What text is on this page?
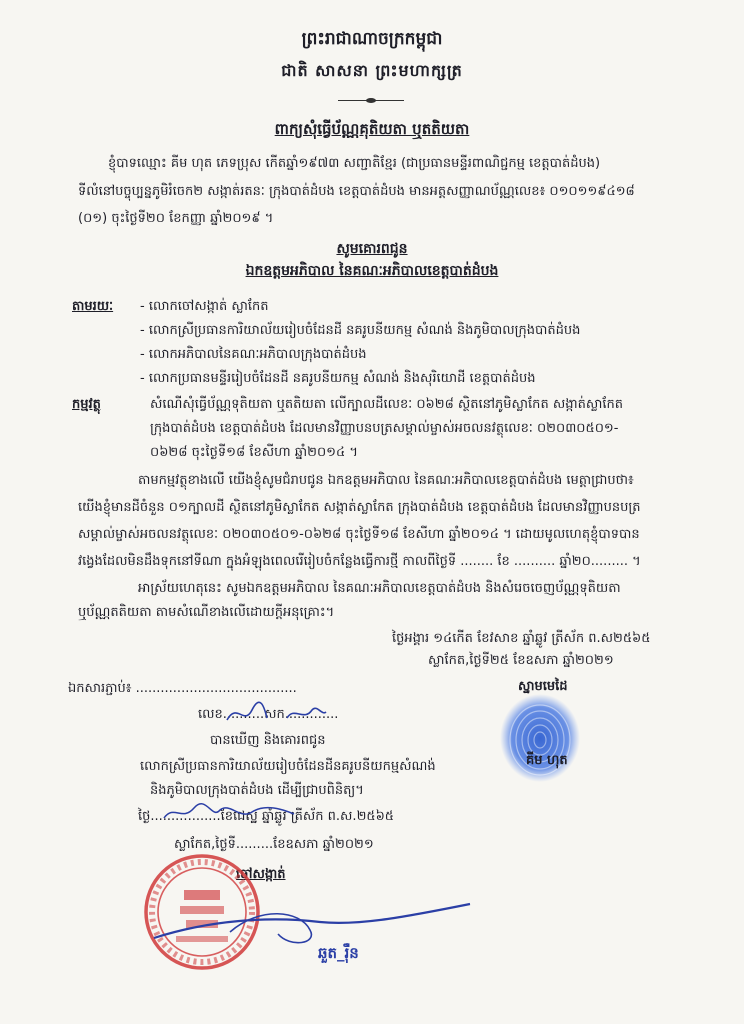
ព្រះរាជាណាចក្រកម្ពុជា
ជាតិ សាសនា ព្រះមហាក្សត្រ
ពាក្យសុំធ្វើប័ណ្ណគុតិយតា ឬតតិយតា
ខ្ញុំបាទឈ្មោះ គីម ហុត ភេទប្រុស កើតឆ្នាំ១៩៧៣ សញ្ជាតិខ្មែរ (ជាប្រធានមន្ទីរពាណិជ្ជកម្ម ខេត្តបាត់ដំបង)
ទីលំនៅបច្ចុប្បន្នភូមិរំចេក២ សង្កាត់រតនៈ ក្រុងបាត់ដំបង ខេត្តបាត់ដំបង មានអត្តសញ្ញាណប័ណ្ណលេខ៖ ០១០១១៩៤១៨
(០១) ចុះថ្ងៃទី២០ ខែកញ្ញា ឆ្នាំ២០១៩ ។
សូមគោរពជូន
ឯកឧត្តមអភិបាល នៃគណៈអភិបាលខេត្តបាត់ដំបង
តាមរយៈ - លោកចៅសង្កាត់ ស្លាកែត
- លោកស្រីប្រធានការិយាល័យរៀបចំដែនដី នគរូបនីយកម្ម សំណង់ និងភូមិបាលក្រុងបាត់ដំបង
- លោកអភិបាលនៃគណៈអភិបាលក្រុងបាត់ដំបង
- លោកប្រធានមន្ទីររៀបចំដែនដី នគរូបនីយកម្ម សំណង់ និងសុរិយោដី ខេត្តបាត់ដំបង
កម្មវត្ថុ	សំណើសុំធ្វើប័ណ្ណទុតិយតា ឬតតិយតា លើក្បាលដីលេខៈ ០៦២៨ ស្ថិតនៅភូមិស្លាកែត សង្កាត់ស្លាកែត
ក្រុងបាត់ដំបង ខេត្តបាត់ដំបង ដែលមានវិញ្ញាបនបត្រសម្គាល់ម្ចាស់អចលនវត្ថុលេខៈ ០២០៣០៥០១-
០៦២៨ ចុះថ្ងៃទី១៨ ខែសីហា ឆ្នាំ២០១៤ ។
តាមកម្មវត្ថុខាងលើ យើងខ្ញុំសូមជំរាបជូន ឯកឧត្តមអភិបាល នៃគណៈអភិបាលខេត្តបាត់ដំបង មេត្តាជ្រាបថា៖
យើងខ្ញុំមានដីចំនួន ០១ក្បាលដី ស្ថិតនៅភូមិស្លាកែត សង្កាត់ស្លាកែត ក្រុងបាត់ដំបង ខេត្តបាត់ដំបង ដែលមានវិញ្ញាបនបត្រ
សម្គាល់ម្ចាស់អចលនវត្ថុលេខៈ ០២០៣០៥០១-០៦២៨ ចុះថ្ងៃទី១៨ ខែសីហា ឆ្នាំ២០១៤ ។ ដោយមូលហេតុខ្ញុំបាទបាន
វង្វេងដែលមិនដឹងទុកនៅទីណា ក្នុងអំឡុងពេលរើរៀបចំកន្លែងធ្វើការថ្មី កាលពីថ្ងៃទី ........ ខែ .......... ឆ្នាំ២០......... ។
អាស្រ័យហេតុនេះ សូមឯកឧត្តមអភិបាល នៃគណៈអភិបាលខេត្តបាត់ដំបង និងសំរេចចេញប័ណ្ណទុតិយតា
ឬប័ណ្ណតតិយតា តាមសំណើខាងលើដោយក្ដីអនុគ្រោះ។
ថ្ងៃអង្គារ ១៤កើត ខែវសាខ ឆ្នាំឆ្លូវ ត្រីស័ក ព.ស២៥៦៥
ស្លាកែត,ថ្ងៃទី២៥ ខែឧសភា ឆ្នាំ២០២១
ស្នាមមេដៃ
គីម ហុត
ឯកសារភ្ជាប់៖ .......................................
លេខ..........សក.............
បានឃើញ និងគោរពជូន
លោកស្រីប្រធានការិយាល័យរៀបចំដែនដីនគរូបនីយកម្មសំណង់
និងភូមិបាលក្រុងបាត់ដំបង ដើម្បីជ្រាបពិនិត្យ។
ថ្ងៃ.................ខែជេស្ឋ ឆ្នាំឆ្លូវ ត្រីស័ក ព.ស.២៥៦៥
ស្លាកែត,ថ្ងៃទី.........ខែឧសភា ឆ្នាំ២០២១
ចៅសង្កាត់
ឆួត_រ៉ឺន
